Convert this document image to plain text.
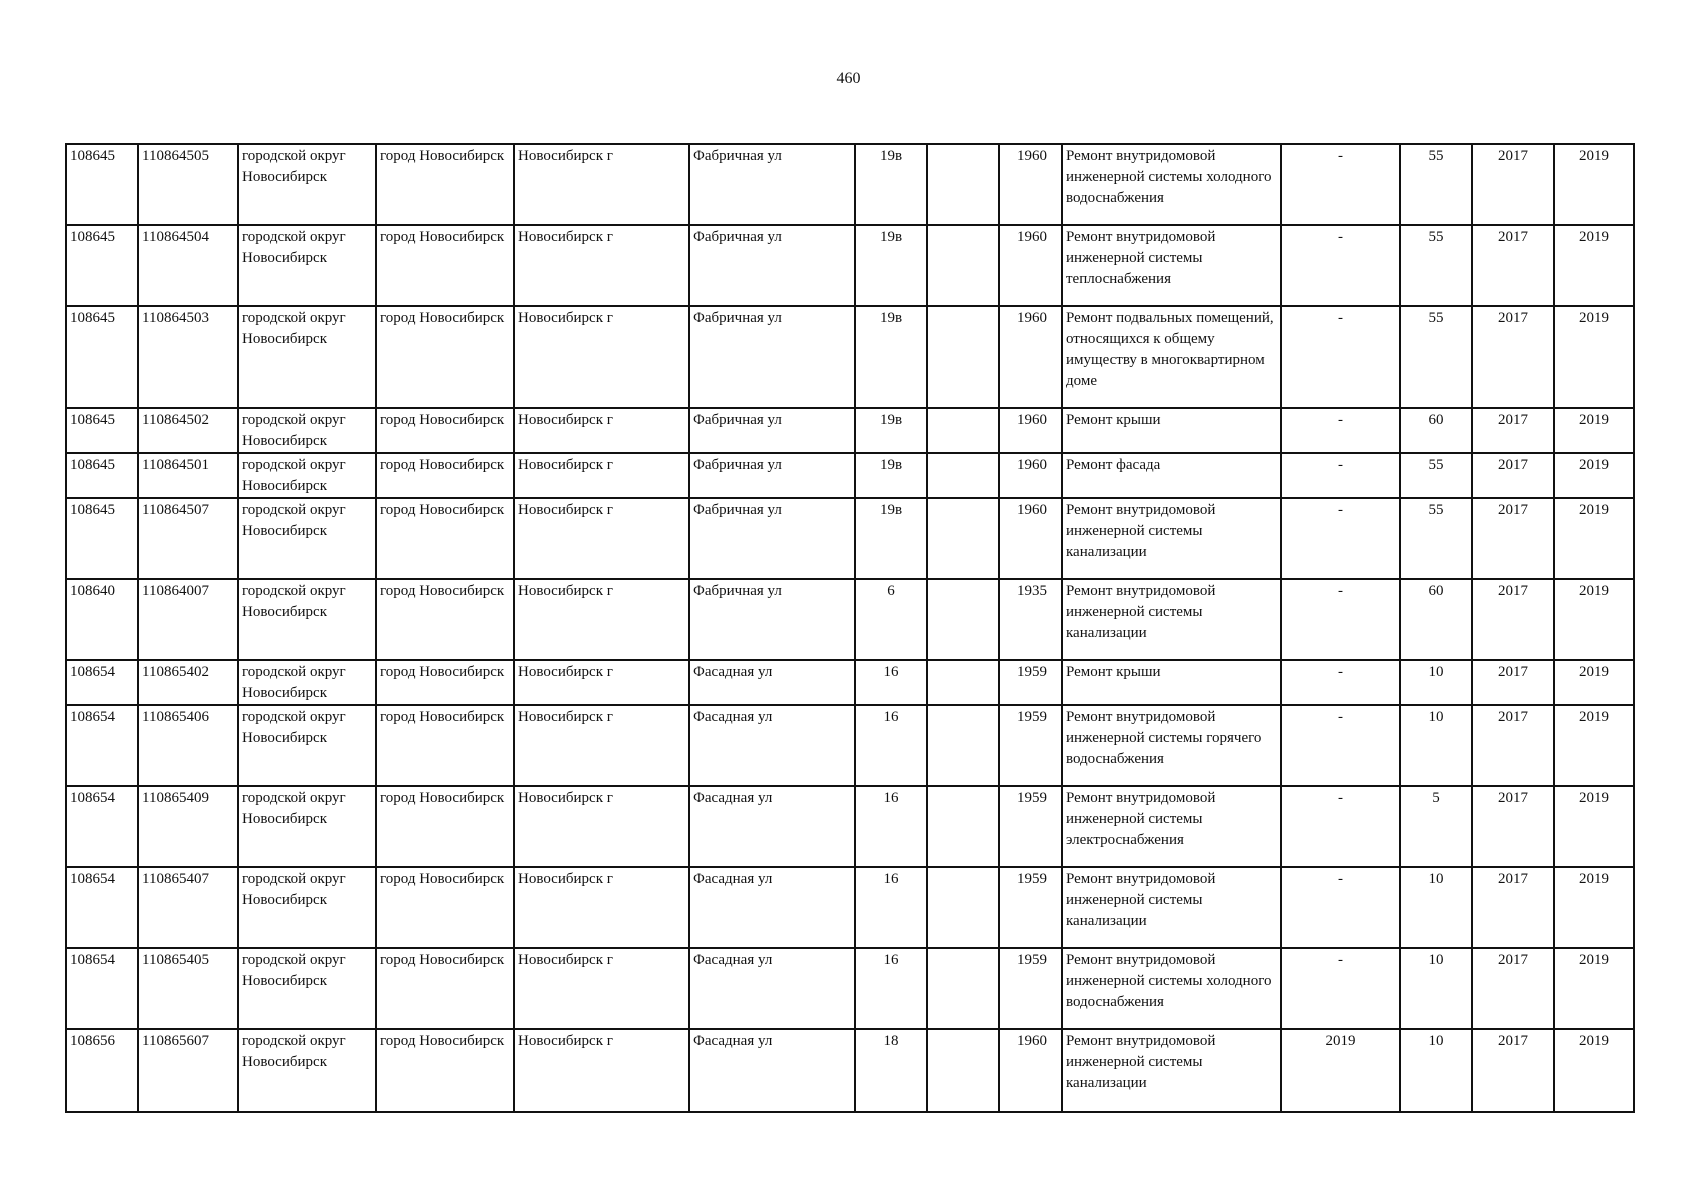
460
108645	110864505	городской округ Новосибирск	город Новосибирск	Новосибирск г	Фабричная ул	19в		1960	Ремонт внутридомовой инженерной системы холодного водоснабжения	-	55	2017	2019
108645	110864504	городской округ Новосибирск	город Новосибирск	Новосибирск г	Фабричная ул	19в		1960	Ремонт внутридомовой инженерной системы теплоснабжения	-	55	2017	2019
108645	110864503	городской округ Новосибирск	город Новосибирск	Новосибирск г	Фабричная ул	19в		1960	Ремонт подвальных помещений, относящихся к общему имуществу в многоквартирном доме	-	55	2017	2019
108645	110864502	городской округ Новосибирск	город Новосибирск	Новосибирск г	Фабричная ул	19в		1960	Ремонт крыши	-	60	2017	2019
108645	110864501	городской округ Новосибирск	город Новосибирск	Новосибирск г	Фабричная ул	19в		1960	Ремонт фасада	-	55	2017	2019
108645	110864507	городской округ Новосибирск	город Новосибирск	Новосибирск г	Фабричная ул	19в		1960	Ремонт внутридомовой инженерной системы канализации	-	55	2017	2019
108640	110864007	городской округ Новосибирск	город Новосибирск	Новосибирск г	Фабричная ул	6		1935	Ремонт внутридомовой инженерной системы канализации	-	60	2017	2019
108654	110865402	городской округ Новосибирск	город Новосибирск	Новосибирск г	Фасадная ул	16		1959	Ремонт крыши	-	10	2017	2019
108654	110865406	городской округ Новосибирск	город Новосибирск	Новосибирск г	Фасадная ул	16		1959	Ремонт внутридомовой инженерной системы горячего водоснабжения	-	10	2017	2019
108654	110865409	городской округ Новосибирск	город Новосибирск	Новосибирск г	Фасадная ул	16		1959	Ремонт внутридомовой инженерной системы электроснабжения	-	5	2017	2019
108654	110865407	городской округ Новосибирск	город Новосибирск	Новосибирск г	Фасадная ул	16		1959	Ремонт внутридомовой инженерной системы канализации	-	10	2017	2019
108654	110865405	городской округ Новосибирск	город Новосибирск	Новосибирск г	Фасадная ул	16		1959	Ремонт внутридомовой инженерной системы холодного водоснабжения	-	10	2017	2019
108656	110865607	городской округ Новосибирск	город Новосибирск	Новосибирск г	Фасадная ул	18		1960	Ремонт внутридомовой инженерной системы канализации	2019	10	2017	2019
